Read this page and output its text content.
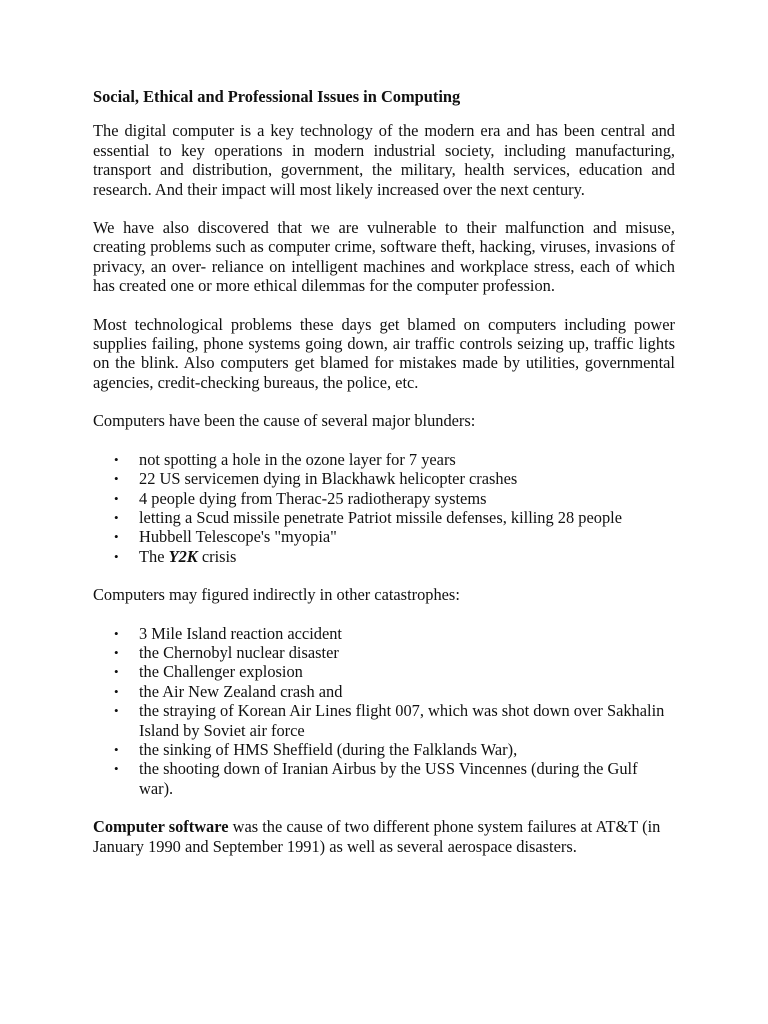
Social, Ethical and Professional Issues in Computing

The digital computer is a key technology of the modern era and has been central and essential to key operations in modern industrial society, including manufacturing, transport and distribution, government, the military, health services, education and research. And their impact will most likely increased over the next century.

We have also discovered that we are vulnerable to their malfunction and misuse, creating problems such as computer crime, software theft, hacking, viruses, invasions of privacy, an over- reliance on intelligent machines and workplace stress, each of which has created one or more ethical dilemmas for the computer profession.

Most technological problems these days get blamed on computers including power supplies failing, phone systems going down, air traffic controls seizing up, traffic lights on the blink. Also computers get blamed for mistakes made by utilities, governmental agencies, credit-checking bureaus, the police, etc.

Computers have been the cause of several major blunders:

• not spotting a hole in the ozone layer for 7 years
• 22 US servicemen dying in Blackhawk helicopter crashes
• 4 people dying from Therac-25 radiotherapy systems
• letting a Scud missile penetrate Patriot missile defenses, killing 28 people
• Hubbell Telescope's "myopia"
• The Y2K crisis

Computers may figured indirectly in other catastrophes:

• 3 Mile Island reaction accident
• the Chernobyl nuclear disaster
• the Challenger explosion
• the Air New Zealand crash and
• the straying of Korean Air Lines flight 007, which was shot down over Sakhalin Island by Soviet air force
• the sinking of HMS Sheffield (during the Falklands War),
• the shooting down of Iranian Airbus by the USS Vincennes (during the Gulf war).

Computer software was the cause of two different phone system failures at AT&T (in January 1990 and September 1991) as well as several aerospace disasters.
